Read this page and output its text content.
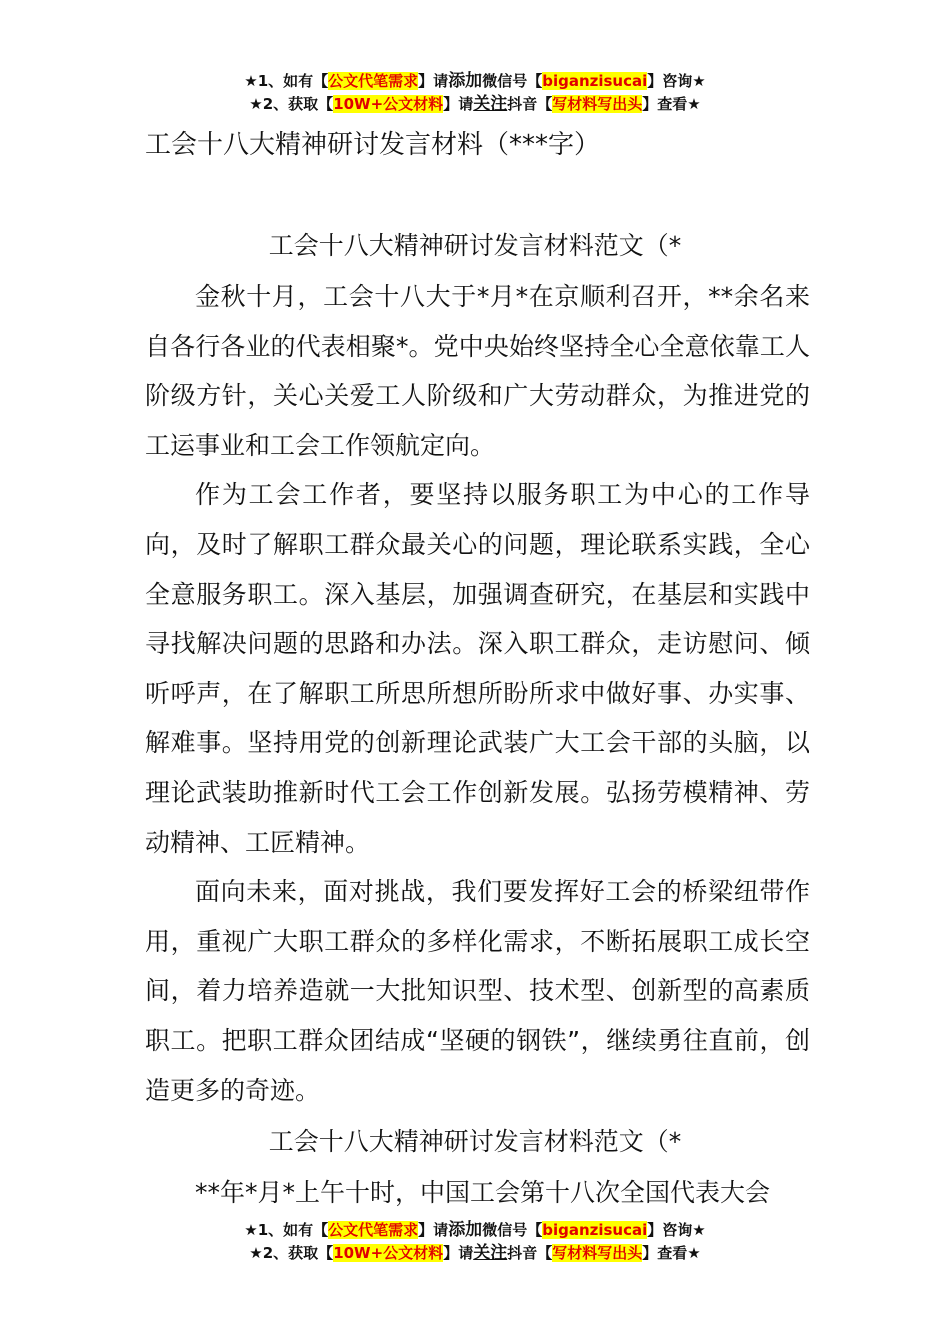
★1、如有【公文代笔需求】请添加微信号【biganzisucai】咨询★
★2、获取【10W+公文材料】请关注抖音【写材料写出头】查看★
工会十八大精神研讨发言材料（***字）
工会十八大精神研讨发言材料范文（*

金秋十月，工会十八大于*月*在京顺利召开，**余名来自各行各业的代表相聚*。党中央始终坚持全心全意依靠工人阶级方针，关心关爱工人阶级和广大劳动群众，为推进党的工运事业和工会工作领航定向。

作为工会工作者，要坚持以服务职工为中心的工作导向，及时了解职工群众最关心的问题，理论联系实践，全心全意服务职工。深入基层，加强调查研究，在基层和实践中寻找解决问题的思路和办法。深入职工群众，走访慰问、倾听呼声，在了解职工所思所想所盼所求中做好事、办实事、解难事。坚持用党的创新理论武装广大工会干部的头脑，以理论武装助推新时代工会工作创新发展。弘扬劳模精神、劳动精神、工匠精神。

面向未来，面对挑战，我们要发挥好工会的桥梁纽带作用，重视广大职工群众的多样化需求，不断拓展职工成长空间，着力培养造就一大批知识型、技术型、创新型的高素质职工。把职工群众团结成“坚硬的钢铁”，继续勇往直前，创造更多的奇迹。

工会十八大精神研讨发言材料范文（*

**年*月*上午十时，中国工会第十八次全国代表大会

★1、如有【公文代笔需求】请添加微信号【biganzisucai】咨询★
★2、获取【10W+公文材料】请关注抖音【写材料写出头】查看★
